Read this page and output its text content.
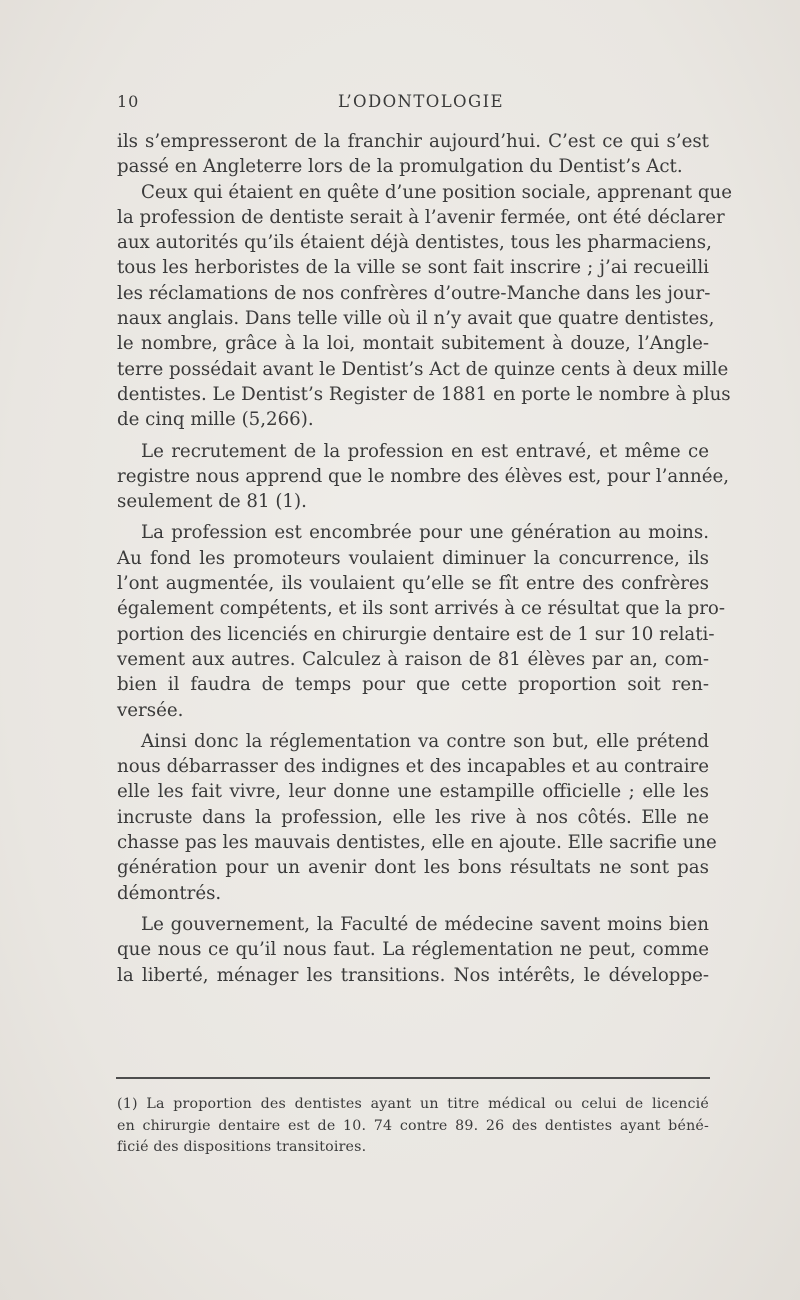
10	L’ODONTOLOGIE

ils s’empresseront de la franchir aujourd’hui. C’est ce qui s’est
passé en Angleterre lors de la promulgation du Dentist’s Act.

Ceux qui étaient en quête d’une position sociale, apprenant que
la profession de dentiste serait à l’avenir fermée, ont été déclarer
aux autorités qu’ils étaient déjà dentistes, tous les pharmaciens,
tous les herboristes de la ville se sont fait inscrire ; j’ai recueilli
les réclamations de nos confrères d’outre-Manche dans les jour-
naux anglais. Dans telle ville où il n’y avait que quatre dentistes,
le nombre, grâce à la loi, montait subitement à douze, l’Angle-
terre possédait avant le Dentist’s Act de quinze cents à deux mille
dentistes. Le Dentist’s Register de 1881 en porte le nombre à plus
de cinq mille (5,266).

Le recrutement de la profession en est entravé, et même ce
registre nous apprend que le nombre des élèves est, pour l’année,
seulement de 81 (1).

La profession est encombrée pour une génération au moins.
Au fond les promoteurs voulaient diminuer la concurrence, ils
l’ont augmentée, ils voulaient qu’elle se fît entre des confrères
également compétents, et ils sont arrivés à ce résultat que la pro-
portion des licenciés en chirurgie dentaire est de 1 sur 10 relati-
vement aux autres. Calculez à raison de 81 élèves par an, com-
bien il faudra de temps pour que cette proportion soit ren-
versée.

Ainsi donc la réglementation va contre son but, elle prétend
nous débarrasser des indignes et des incapables et au contraire
elle les fait vivre, leur donne une estampille officielle ; elle les
incruste dans la profession, elle les rive à nos côtés. Elle ne
chasse pas les mauvais dentistes, elle en ajoute. Elle sacrifie une
génération pour un avenir dont les bons résultats ne sont pas
démontrés.

Le gouvernement, la Faculté de médecine savent moins bien
que nous ce qu’il nous faut. La réglementation ne peut, comme
la liberté, ménager les transitions. Nos intérêts, le développe-

(1) La proportion des dentistes ayant un titre médical ou celui de licencié
en chirurgie dentaire est de 10. 74 contre 89. 26 des dentistes ayant béné-
ficié des dispositions transitoires.
